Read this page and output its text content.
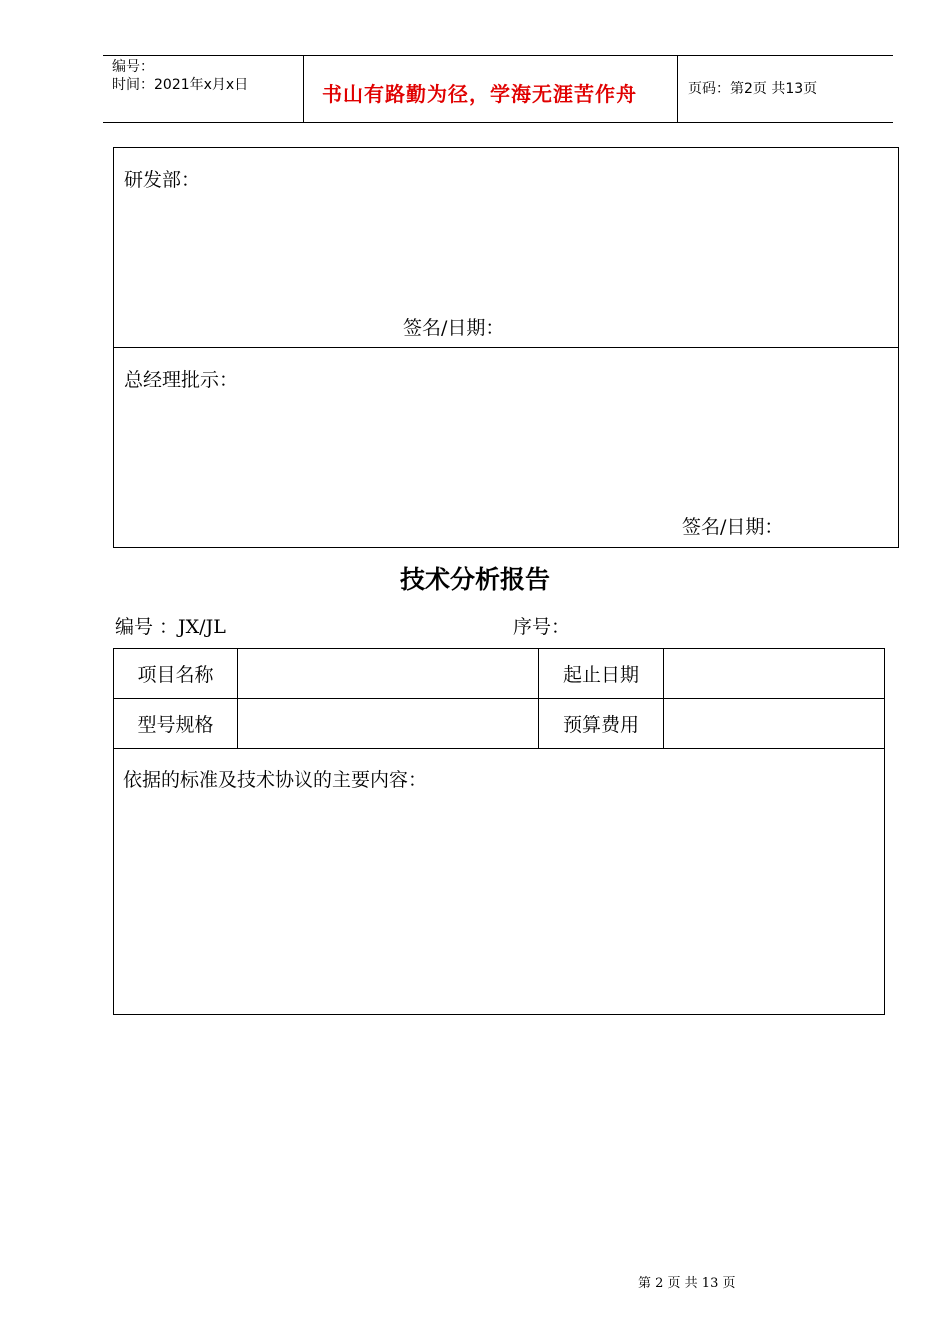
编号：
时间：2021年x月x日	书山有路勤为径，学海无涯苦作舟	页码：第2页 共13页
研发部：
签名/日期：
总经理批示：
签名/日期：
技术分析报告
编号 ：JX/JL	序号：
项目名称		起止日期	
型号规格		预算费用	
依据的标准及技术协议的主要内容：			
第 2 页 共 13 页
